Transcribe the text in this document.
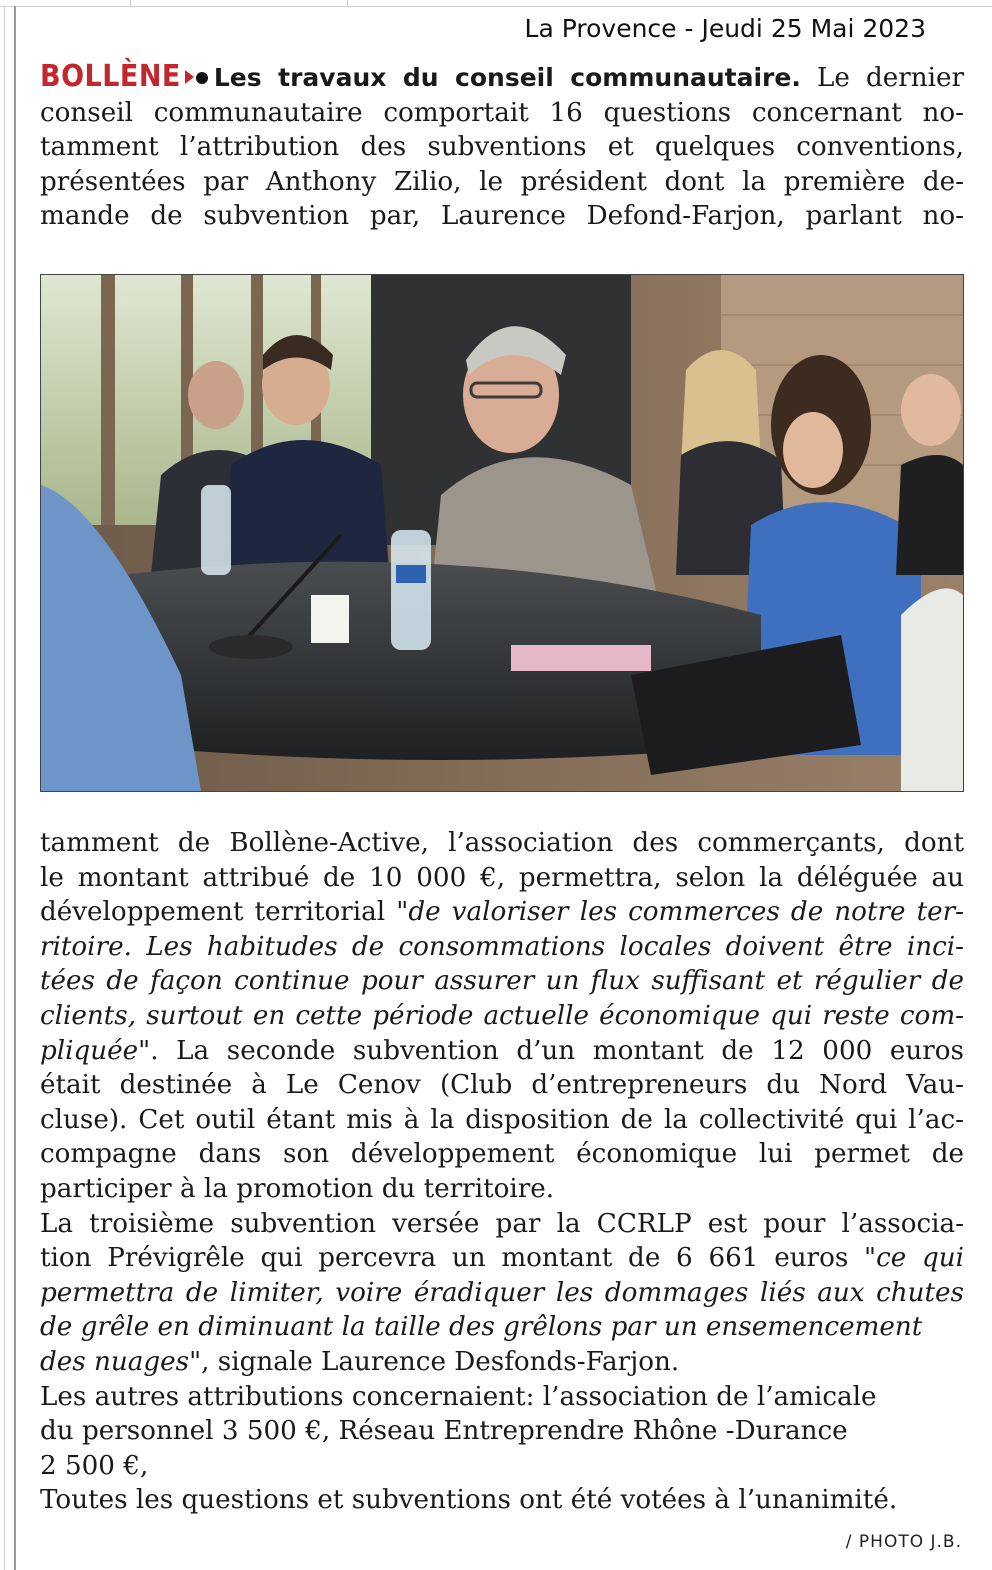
La Provence - Jeudi 25 Mai 2023
BOLLÈNE Les travaux du conseil communautaire. Le dernier
conseil communautaire comportait 16 questions concernant no-
tamment l’attribution des subventions et quelques conventions,
présentées par Anthony Zilio, le président dont la première de-
mande de subvention par, Laurence Defond-Farjon, parlant no-
tamment de Bollène-Active, l’association des commerçants, dont
le montant attribué de 10 000 €, permettra, selon la déléguée au
développement territorial "de valoriser les commerces de notre ter-
ritoire. Les habitudes de consommations locales doivent être inci-
tées de façon continue pour assurer un flux suffisant et régulier de
clients, surtout en cette période actuelle économique qui reste com-
pliquée". La seconde subvention d’un montant de 12 000 euros
était destinée à Le Cenov (Club d’entrepreneurs du Nord Vau-
cluse). Cet outil étant mis à la disposition de la collectivité qui l’ac-
compagne dans son développement économique lui permet de
participer à la promotion du territoire.
La troisième subvention versée par la CCRLP est pour l’associa-
tion Prévigrêle qui percevra un montant de 6 661 euros "ce qui
permettra de limiter, voire éradiquer les dommages liés aux chutes
de grêle en diminuant la taille des grêlons par un ensemencement
des nuages", signale Laurence Desfonds-Farjon.
Les autres attributions concernaient: l’association de l’amicale
du personnel 3 500 €, Réseau Entreprendre Rhône -Durance
2 500 €,
Toutes les questions et subventions ont été votées à l’unanimité.
/ PHOTO J.B.
